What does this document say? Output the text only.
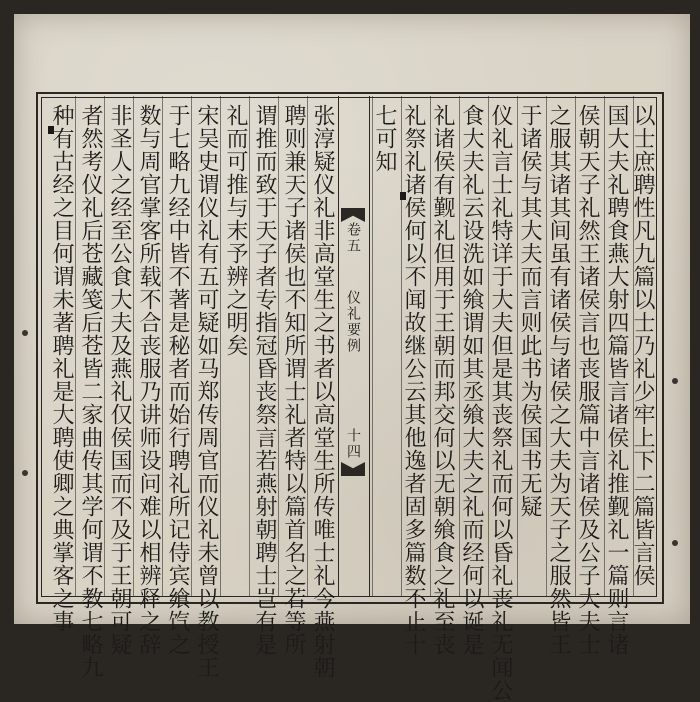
卷五
仪礼要例
十四
七可知 礼祭礼诸侯何以不闻故继公云其他逸者固多篇数不止十 礼诸侯有觐礼但用于王朝而邦交何以无朝飨食之礼至丧 食大夫礼云设洗如飨谓如其丞飨大夫之礼而经何以诞是 仪礼言士礼特详于大夫但是其丧祭礼而何以昏礼丧礼无闻公 于诸侯与其大夫而言则此书为侯国书无疑 之服其诸其间虽有诸侯与诸侯之大夫为天子之服然皆王 侯朝天子礼然王诸侯言也丧服篇中言诸侯及公子大夫士 国大夫礼聘食燕大射四篇皆言诸侯礼推觐礼一篇则言诸 以士庶聘性凡九篇以士乃礼少牢上下二篇皆言侯
张淳疑仪礼非高堂生之书者以高堂生所传唯士礼今燕射朝
聘则兼天子诸侯也不知所谓士礼者特以篇首名之若等所
谓推而致于天子者专指冠昏丧祭言若燕射朝聘士岂有是
礼而可推与末予辨之明矣
宋吴史谓仪礼有五可疑如马郑传周官而仪礼未曾以教授王
于七略九经中皆不著是秘者而始行聘礼所记侍宾飨饩之
数与周官掌客所载不合丧服乃讲师设问难以相辨释之辞
非圣人之经至公食大夫及燕礼仅侯国而不及于王朝可疑
者然考仪礼后苍藏笺后苍皆二家曲传其学何谓不教七略九
种有古经之目何谓未著聘礼是大聘使卿之典掌客之事
